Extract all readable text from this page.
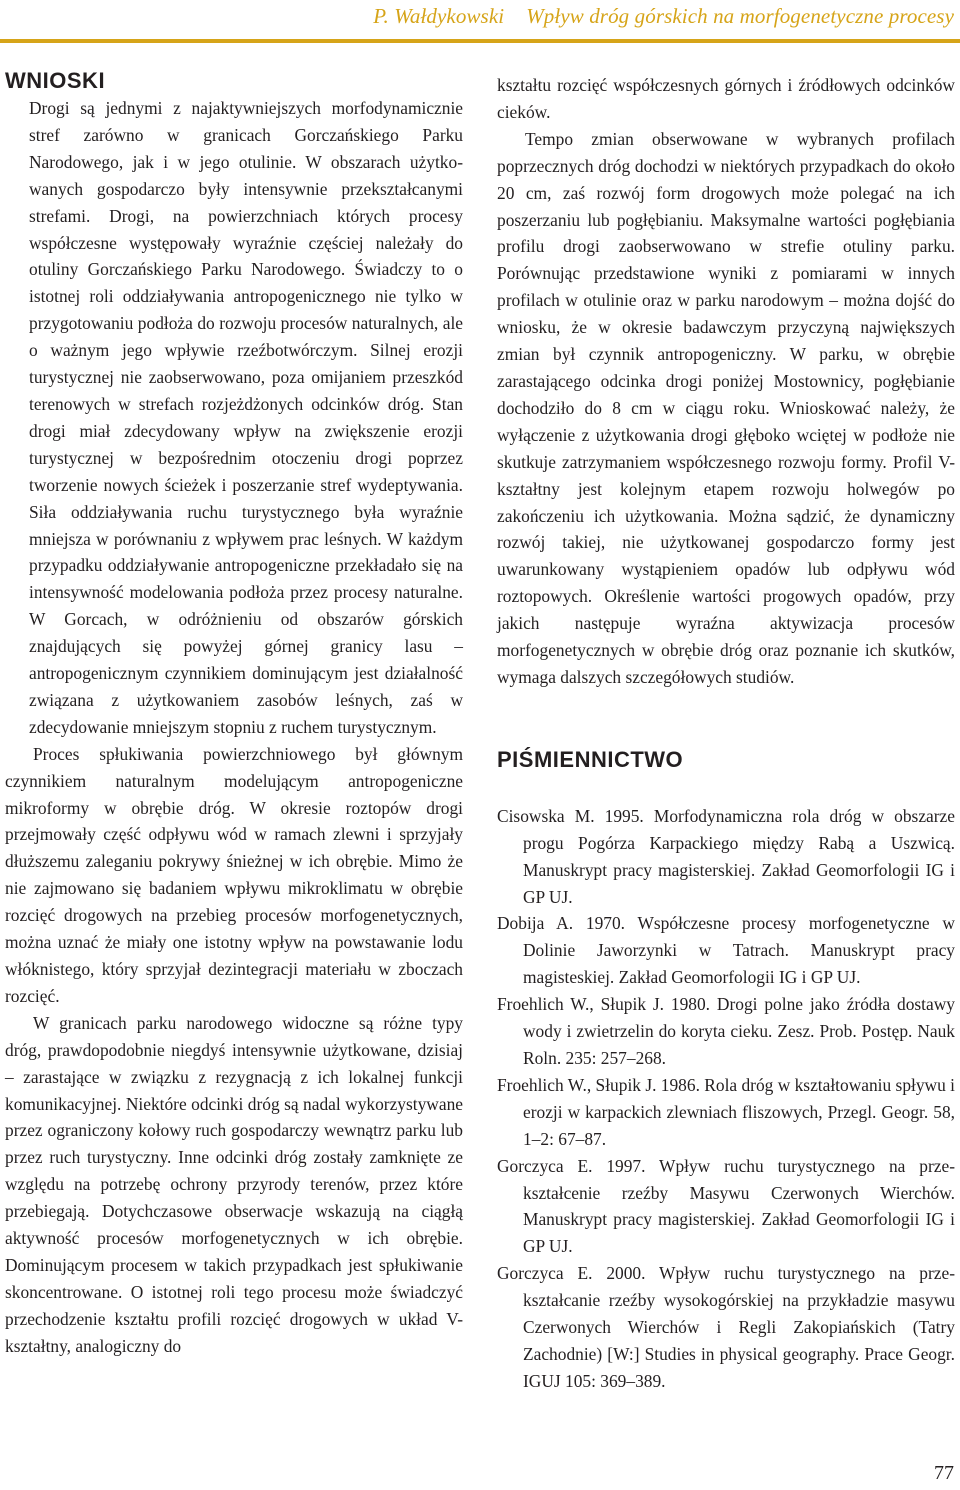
P. Wałdykowski Wpływ dróg górskich na morfogenetyczne procesy
WNIOSKI

Drogi są jednymi z najaktywniejszych morfodynamicznie stref zarówno w granicach Gorczańskiego Parku Narodowego, jak i w jego otulinie. W obszarach użytkowanych gospodarczo były intensywnie przekształcanymi strefami. Drogi, na powierzchniach których procesy współczesne występowały wyraźnie częściej należały do otuliny Gorczańskiego Parku Narodowego. Świadczy to o istotnej roli oddziaływania antropogenicznego nie tylko w przygotowaniu podłoża do rozwoju procesów naturalnych, ale o ważnym jego wpływie rzeźbotwórczym. Silnej erozji turystycznej nie zaobserwowano, poza omijaniem przeszkód terenowych w strefach rozjeżdżonych odcinków dróg. Stan drogi miał zdecydowany wpływ na zwiększenie erozji turystycznej w bezpośrednim otoczeniu drogi poprzez tworzenie nowych ścieżek i poszerzanie stref wydeptywania. Siła oddziaływania ruchu turystycznego była wyraźnie mniejsza w porównaniu z wpływem prac leśnych. W każdym przypadku oddziaływanie antropogeniczne przekładało się na intensywność modelowania podłoża przez procesy naturalne. W Gorcach, w odróżnieniu od obszarów górskich znajdujących się powyżej górnej granicy lasu – antropogenicznym czynnikiem dominującym jest działalność związana z użytkowaniem zasobów leśnych, zaś w zdecydowanie mniejszym stopniu z ruchem turystycznym.

Proces spłukiwania powierzchniowego był głównym czynnikiem naturalnym modelującym antropogeniczne mikroformy w obrębie dróg. W okresie roztopów drogi przejmowały część odpływu wód w ramach zlewni i sprzyjały dłuższemu zaleganiu pokrywy śnieżnej w ich obrębie. Mimo że nie zajmowano się badaniem wpływu mikroklimatu w obrębie rozcięć drogowych na przebieg procesów morfogenetycznych, można uznać że miały one istotny wpływ na powstawanie lodu włóknistego, który sprzyjał dezintegracji materiału w zboczach rozcięć.

W granicach parku narodowego widoczne są różne typy dróg, prawdopodobnie niegdyś intensywnie użytkowane, dzisiaj – zarastające w związku z rezygnacją z ich lokalnej funkcji komunikacyjnej. Niektóre odcinki dróg są nadal wykorzystywane przez ograniczony kołowy ruch gospodarczy wewnątrz parku lub przez ruch turystyczny. Inne odcinki dróg zostały zamknięte ze względu na potrzebę ochrony przyrody terenów, przez które przebiegają. Dotychczasowe obserwacje wskazują na ciągłą aktywność procesów morfogenetycznych w ich obrębie. Dominującym procesem w takich przypadkach jest spłukiwanie skoncentrowane. O istotnej roli tego procesu może świadczyć przechodzenie kształtu profili rozcięć drogowych w układ V-kształtny, analogiczny do

kształtu rozcięć współczesnych górnych i źródłowych odcinków cieków.

Tempo zmian obserwowane w wybranych profilach poprzecznych dróg dochodzi w niektórych przypadkach do około 20 cm, zaś rozwój form drogowych może polegać na ich poszerzaniu lub pogłębianiu. Maksymalne wartości pogłębiania profilu drogi zaobserwowano w strefie otuliny parku. Porównując przedstawione wyniki z pomiarami w innych profilach w otulinie oraz w parku narodowym – można dojść do wniosku, że w okresie badawczym przyczyną największych zmian był czynnik antropogeniczny. W parku, w obrębie zarastającego odcinka drogi poniżej Mostownicy, pogłębianie dochodziło do 8 cm w ciągu roku. Wnioskować należy, że wyłączenie z użytkowania drogi głęboko wciętej w podłoże nie skutkuje zatrzymaniem współczesnego rozwoju formy. Profil V-kształtny jest kolejnym etapem rozwoju holwegów po zakończeniu ich użytkowania. Można sądzić, że dynamiczny rozwój takiej, nie użytkowanej gospodarczo formy jest uwarunkowany wystąpieniem opadów lub odpływu wód roztopowych. Określenie wartości progowych opadów, przy jakich następuje wyraźna aktywizacja procesów morfogenetycznych w obrębie dróg oraz poznanie ich skutków, wymaga dalszych szczegółowych studiów.

PIŚMIENNICTWO

Cisowska M. 1995. Morfodynamiczna rola dróg w obszarze progu Pogórza Karpackiego między Rabą a Uszwicą. Manuskrypt pracy magisterskiej. Zakład Geomorfologii IG i GP UJ.

Dobija A. 1970. Współczesne procesy morfogenetyczne w Dolinie Jaworzynki w Tatrach. Manuskrypt pracy magisteskiej. Zakład Geomorfologii IG i GP UJ.

Froehlich W., Słupik J. 1980. Drogi polne jako źródła dostawy wody i zwietrzelin do koryta cieku. Zesz. Prob. Postęp. Nauk Roln. 235: 257–268.

Froehlich W., Słupik J. 1986. Rola dróg w kształtowaniu spływu i erozji w karpackich zlewniach fliszowych, Przegl. Geogr. 58, 1–2: 67–87.

Gorczyca E. 1997. Wpływ ruchu turystycznego na przekształcenie rzeźby Masywu Czerwonych Wierchów. Manuskrypt pracy magisterskiej. Zakład Geomorfologii IG i GP UJ.

Gorczyca E. 2000. Wpływ ruchu turystycznego na przekształcanie rzeźby wysokogórskiej na przykładzie masywu Czerwonych Wierchów i Regli Zakopiańskich (Tatry Zachodnie) [W:] Studies in physical geography. Prace Geogr. IGUJ 105: 369–389.

77
